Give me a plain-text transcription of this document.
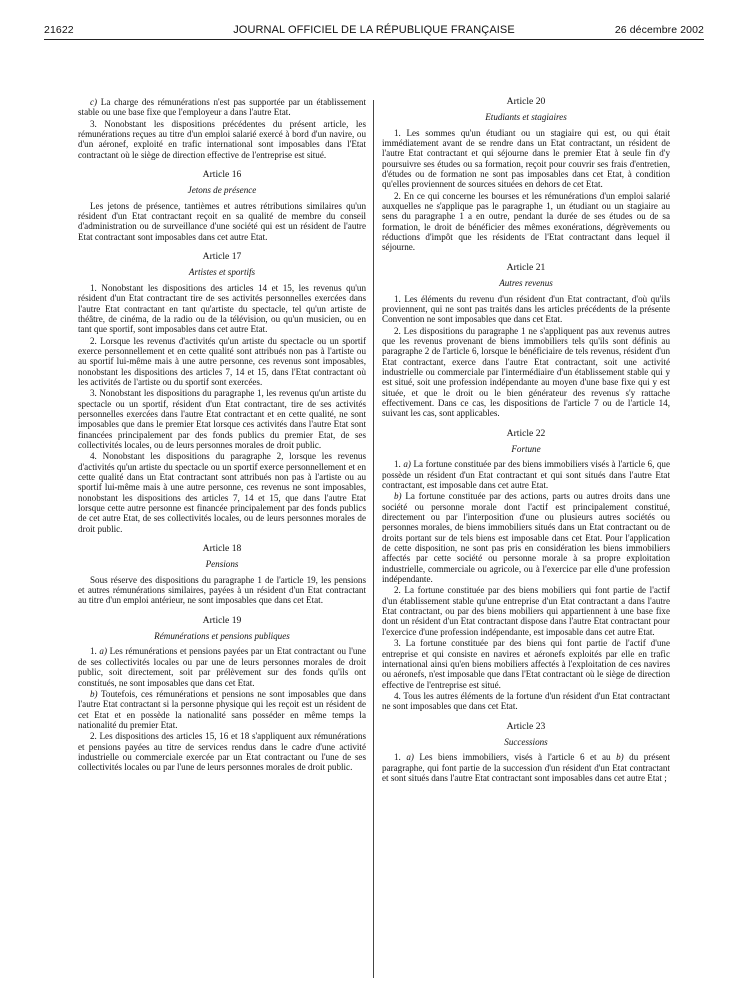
21622	JOURNAL OFFICIEL DE LA RÉPUBLIQUE FRANÇAISE	26 décembre 2002

c) La charge des rémunérations n'est pas supportée par un établissement stable ou une base fixe que l'employeur a dans l'autre Etat.

3. Nonobstant les dispositions précédentes du présent article, les rémunérations reçues au titre d'un emploi salarié exercé à bord d'un navire, ou d'un aéronef, exploité en trafic international sont imposables dans l'Etat contractant où le siège de direction effective de l'entreprise est situé.

Article 16
Jetons de présence

Les jetons de présence, tantièmes et autres rétributions similaires qu'un résident d'un Etat contractant reçoit en sa qualité de membre du conseil d'administration ou de surveillance d'une société qui est un résident de l'autre Etat contractant sont imposables dans cet autre Etat.

Article 17
Artistes et sportifs

1. Nonobstant les dispositions des articles 14 et 15, les revenus qu'un résident d'un Etat contractant tire de ses activités personnelles exercées dans l'autre Etat contractant en tant qu'artiste du spectacle, tel qu'un artiste de théâtre, de cinéma, de la radio ou de la télévision, ou qu'un musicien, ou en tant que sportif, sont imposables dans cet autre Etat.

2. Lorsque les revenus d'activités qu'un artiste du spectacle ou un sportif exerce personnellement et en cette qualité sont attribués non pas à l'artiste ou au sportif lui-même mais à une autre personne, ces revenus sont imposables, nonobstant les dispositions des articles 7, 14 et 15, dans l'Etat contractant où les activités de l'artiste ou du sportif sont exercées.

3. Nonobstant les dispositions du paragraphe 1, les revenus qu'un artiste du spectacle ou un sportif, résident d'un Etat contractant, tire de ses activités personnelles exercées dans l'autre Etat contractant et en cette qualité, ne sont imposables que dans le premier Etat lorsque ces activités dans l'autre Etat sont financées principalement par des fonds publics du premier Etat, de ses collectivités locales, ou de leurs personnes morales de droit public.

4. Nonobstant les dispositions du paragraphe 2, lorsque les revenus d'activités qu'un artiste du spectacle ou un sportif exerce personnellement et en cette qualité dans un Etat contractant sont attribués non pas à l'artiste ou au sportif lui-même mais à une autre personne, ces revenus ne sont imposables, nonobstant les dispositions des articles 7, 14 et 15, que dans l'autre Etat lorsque cette autre personne est financée principalement par des fonds publics de cet autre Etat, de ses collectivités locales, ou de leurs personnes morales de droit public.

Article 18
Pensions

Sous réserve des dispositions du paragraphe 1 de l'article 19, les pensions et autres rémunérations similaires, payées à un résident d'un Etat contractant au titre d'un emploi antérieur, ne sont imposables que dans cet Etat.

Article 19
Rémunérations et pensions publiques

1. a) Les rémunérations et pensions payées par un Etat contractant ou l'une de ses collectivités locales ou par une de leurs personnes morales de droit public, soit directement, soit par prélèvement sur des fonds qu'ils ont constitués, ne sont imposables que dans cet Etat.

b) Toutefois, ces rémunérations et pensions ne sont imposables que dans l'autre Etat contractant si la personne physique qui les reçoit est un résident de cet Etat et en possède la nationalité sans posséder en même temps la nationalité du premier Etat.

2. Les dispositions des articles 15, 16 et 18 s'appliquent aux rémunérations et pensions payées au titre de services rendus dans le cadre d'une activité industrielle ou commerciale exercée par un Etat contractant ou l'une de ses collectivités locales ou par l'une de leurs personnes morales de droit public.

Article 20
Etudiants et stagiaires

1. Les sommes qu'un étudiant ou un stagiaire qui est, ou qui était immédiatement avant de se rendre dans un Etat contractant, un résident de l'autre Etat contractant et qui séjourne dans le premier Etat à seule fin d'y poursuivre ses études ou sa formation, reçoit pour couvrir ses frais d'entretien, d'études ou de formation ne sont pas imposables dans cet Etat, à condition qu'elles proviennent de sources situées en dehors de cet Etat.

2. En ce qui concerne les bourses et les rémunérations d'un emploi salarié auxquelles ne s'applique pas le paragraphe 1, un étudiant ou un stagiaire au sens du paragraphe 1 a en outre, pendant la durée de ses études ou de sa formation, le droit de bénéficier des mêmes exonérations, dégrèvements ou réductions d'impôt que les résidents de l'Etat contractant dans lequel il séjourne.

Article 21
Autres revenus

1. Les éléments du revenu d'un résident d'un Etat contractant, d'où qu'ils proviennent, qui ne sont pas traités dans les articles précédents de la présente Convention ne sont imposables que dans cet Etat.

2. Les dispositions du paragraphe 1 ne s'appliquent pas aux revenus autres que les revenus provenant de biens immobiliers tels qu'ils sont définis au paragraphe 2 de l'article 6, lorsque le bénéficiaire de tels revenus, résident d'un Etat contractant, exerce dans l'autre Etat contractant, soit une activité industrielle ou commerciale par l'intermédiaire d'un établissement stable qui y est situé, soit une profession indépendante au moyen d'une base fixe qui y est située, et que le droit ou le bien générateur des revenus s'y rattache effectivement. Dans ce cas, les dispositions de l'article 7 ou de l'article 14, suivant les cas, sont applicables.

Article 22
Fortune

1. a) La fortune constituée par des biens immobiliers visés à l'article 6, que possède un résident d'un Etat contractant et qui sont situés dans l'autre Etat contractant, est imposable dans cet autre Etat.

b) La fortune constituée par des actions, parts ou autres droits dans une société ou personne morale dont l'actif est principalement constitué, directement ou par l'interposition d'une ou plusieurs autres sociétés ou personnes morales, de biens immobiliers situés dans un Etat contractant ou de droits portant sur de tels biens est imposable dans cet Etat. Pour l'application de cette disposition, ne sont pas pris en considération les biens immobiliers affectés par cette société ou personne morale à sa propre exploitation industrielle, commerciale ou agricole, ou à l'exercice par elle d'une profession indépendante.

2. La fortune constituée par des biens mobiliers qui font partie de l'actif d'un établissement stable qu'une entreprise d'un Etat contractant a dans l'autre Etat contractant, ou par des biens mobiliers qui appartiennent à une base fixe dont un résident d'un Etat contractant dispose dans l'autre Etat contractant pour l'exercice d'une profession indépendante, est imposable dans cet autre Etat.

3. La fortune constituée par des biens qui font partie de l'actif d'une entreprise et qui consiste en navires et aéronefs exploités par elle en trafic international ainsi qu'en biens mobiliers affectés à l'exploitation de ces navires ou aéronefs, n'est imposable que dans l'Etat contractant où le siège de direction effective de l'entreprise est situé.

4. Tous les autres éléments de la fortune d'un résident d'un Etat contractant ne sont imposables que dans cet Etat.

Article 23
Successions

1. a) Les biens immobiliers, visés à l'article 6 et au b) du présent paragraphe, qui font partie de la succession d'un résident d'un Etat contractant et sont situés dans l'autre Etat contractant sont imposables dans cet autre Etat ;
